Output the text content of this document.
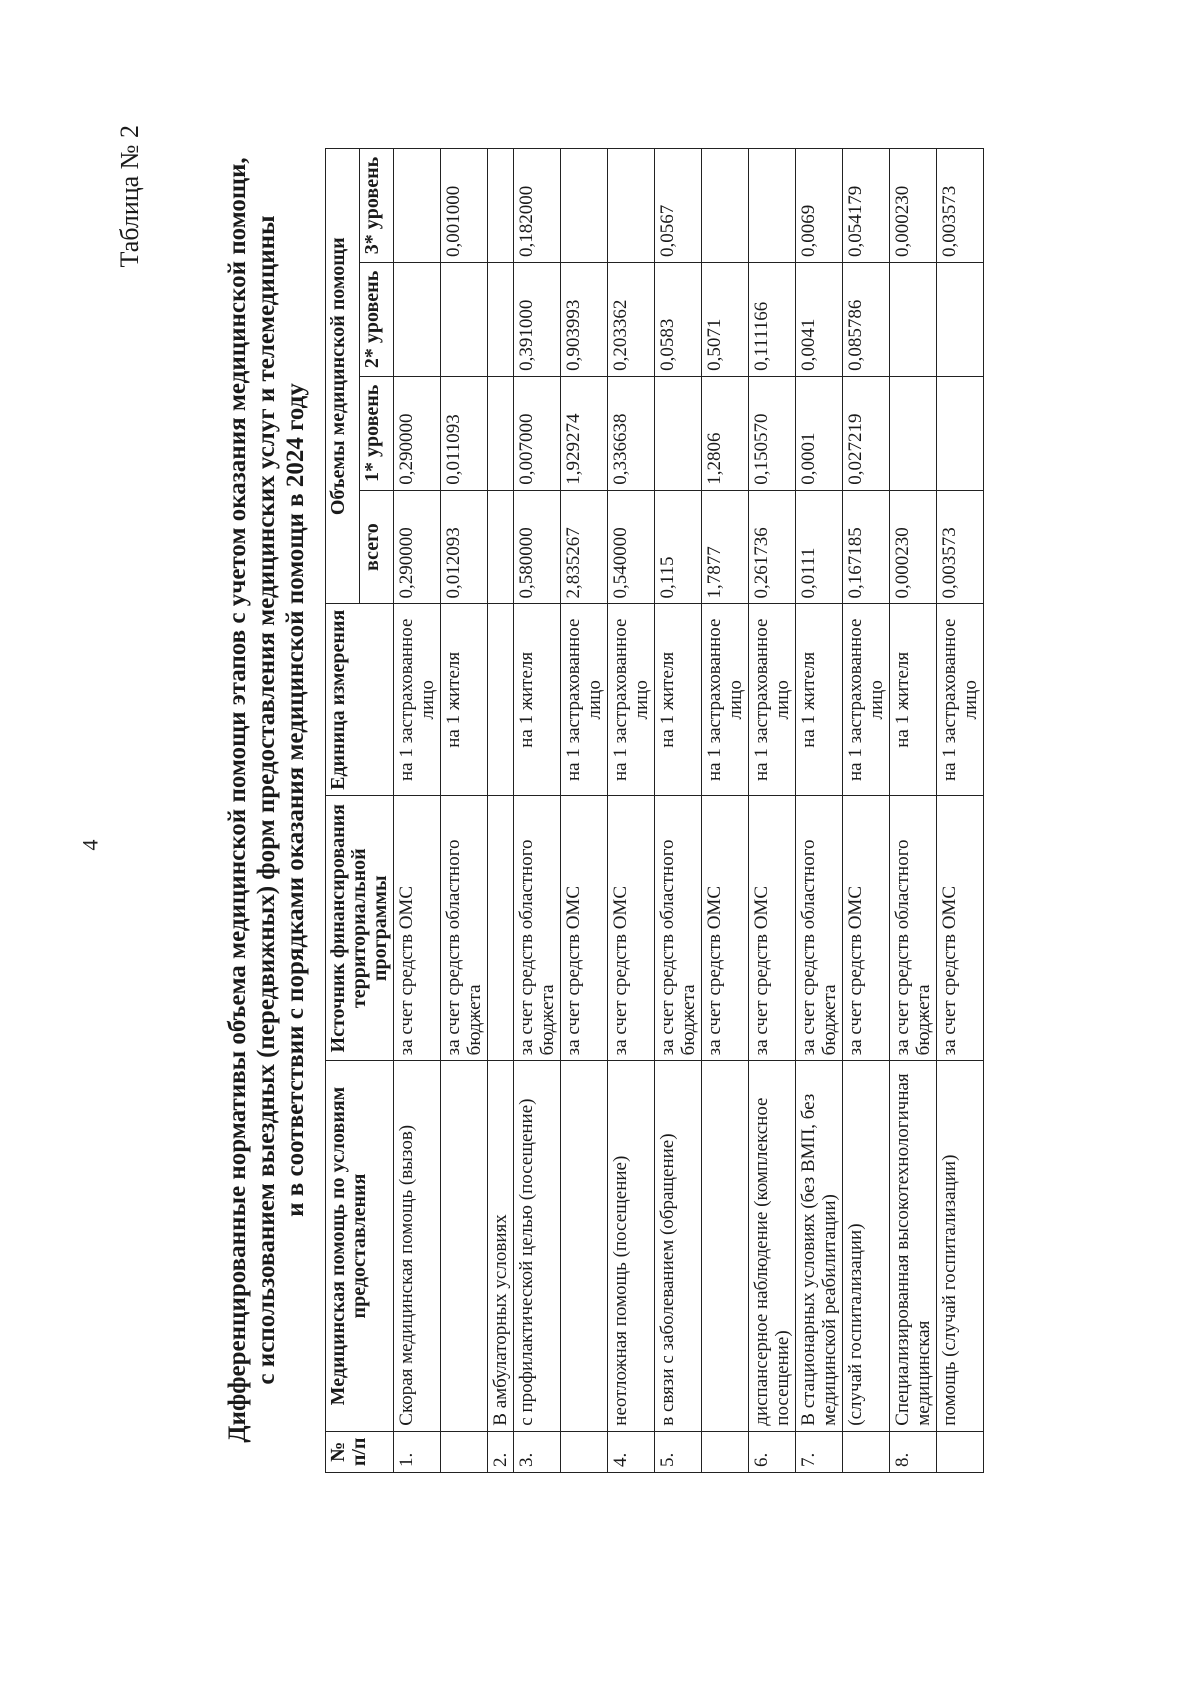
4
Таблица № 2	Дифференцированные нормативы объема медицинской помощи этапов с учетом оказания медицинской помощи, с использованием выездных (передвижных) форм предоставления медицинских услуг и телемедицины и в соответствии с порядками оказания медицинской помощи в 2024 году
№ п/п	Медицинская помощь по условиям предоставления	Источник финансирования территориальной программы	Единица измерения	Объемы медицинской помощи			
				всего	1* уровень	2* уровень	3* уровень
1.	Скорая медицинская помощь (вызов)	за счет средств ОМС	на 1 застрахованное лицо	0,290000	0,290000		
		за счет средств областного бюджета	на 1 жителя	0,012093	0,011093		0,001000
2.	В амбулаторных условиях						
3.	с профилактической целью (посещение)	за счет средств областного бюджета	на 1 жителя	0,580000	0,007000	0,391000	0,182000
		за счет средств ОМС	на 1 застрахованное лицо	2,835267	1,929274	0,903993	
4.	неотложная помощь (посещение)	за счет средств ОМС	на 1 застрахованное лицо	0,540000	0,336638	0,203362	
5.	в связи с заболеванием (обращение)	за счет средств областного бюджета	на 1 жителя	0,115		0,0583	0,0567
		за счет средств ОМС	на 1 застрахованное лицо	1,7877	1,2806	0,5071	
6.	диспансерное наблюдение (комплексное посещение)	за счет средств ОМС	на 1 застрахованное лицо	0,261736	0,150570	0,111166	
7.	В стационарных условиях (без ВМП, без медицинской реабилитации)	за счет средств областного бюджета	на 1 жителя	0,0111	0,0001	0,0041	0,0069
	(случай госпитализации)	за счет средств ОМС	на 1 застрахованное лицо	0,167185	0,027219	0,085786	0,054179
8.	Специализированная высокотехнологичная медицинская	за счет средств областного бюджета	на 1 жителя	0,000230			0,000230
	помощь (случай госпитализации)	за счет средств ОМС	на 1 застрахованное лицо	0,003573			0,003573
